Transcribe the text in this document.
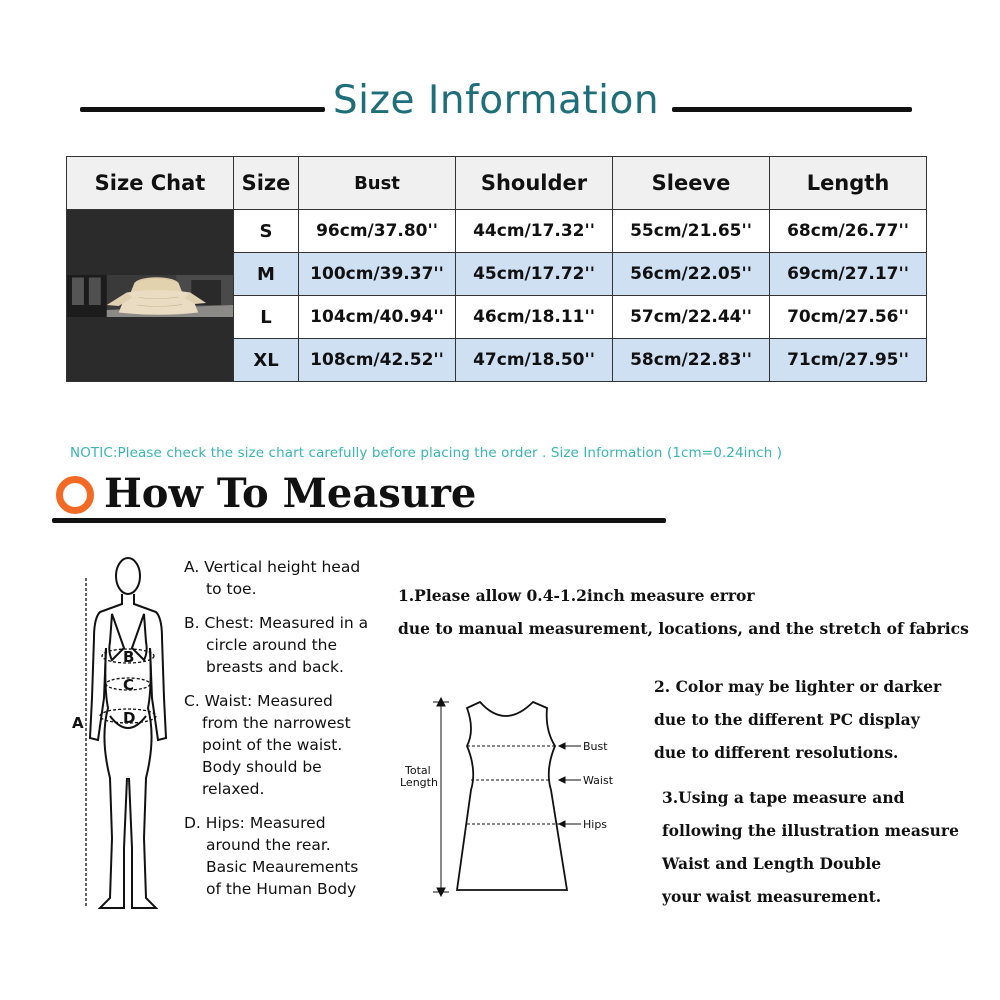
Size Information
Size Chat	Size	Bust	Shoulder	Sleeve	Length

	S	96cm/37.80''	44cm/17.32''	55cm/21.65''	68cm/26.77''
	M	100cm/39.37''	45cm/17.72''	56cm/22.05''	69cm/27.17''
	L	104cm/40.94''	46cm/18.11''	57cm/22.44''	70cm/27.56''
	XL	108cm/42.52''	47cm/18.50''	58cm/22.83''	71cm/27.95''
NOTIC:Please check the size chart carefully before placing the order . Size Information (1cm=0.24inch )
How To Measure
A
B
C
D

A. Vertical height head

to toe.

B. Chest: Measured in a

circle around the
breasts and back.

C. Waist: Measured

from the narrowest
point of the waist.
Body should be
relaxed.

D. Hips: Measured

around the rear.
Basic Meaurements
of the Human Body

1.Please allow 0.4-1.2inch measure error
due to manual measurement, locations, and the stretch of fabrics
2. Color may be lighter or darker
due to the different PC display
due to different resolutions.
3.Using a tape measure and
following the illustration measure
Waist and Length Double
your waist measurement.
Total
Length
Bust
Waist
Hips
